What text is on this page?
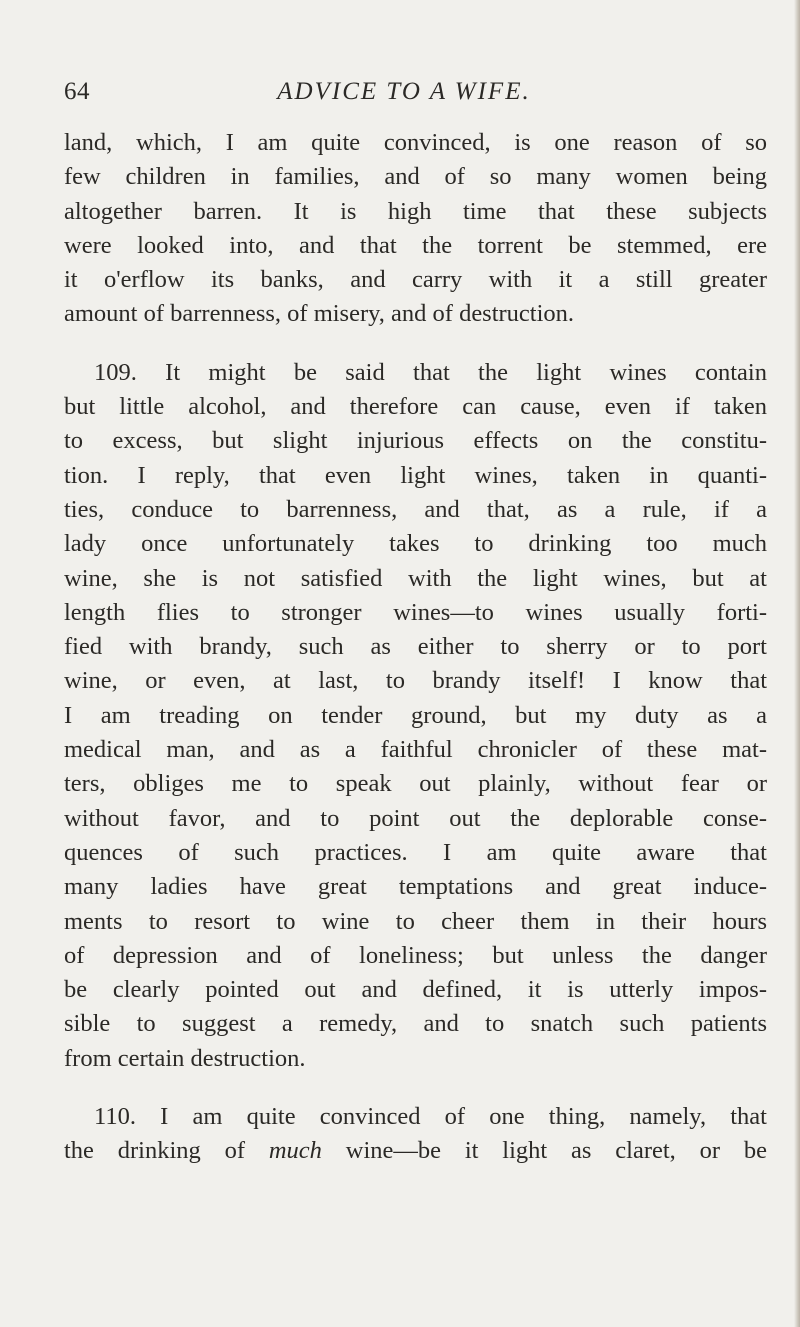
64	ADVICE TO A WIFE.
land, which, I am quite convinced, is one reason of so
few children in families, and of so many women being
altogether barren. It is high time that these subjects
were looked into, and that the torrent be stemmed, ere
it o'erflow its banks, and carry with it a still greater
amount of barrenness, of misery, and of destruction.
109. It might be said that the light wines contain
but little alcohol, and therefore can cause, even if taken
to excess, but slight injurious effects on the constitu-
tion. I reply, that even light wines, taken in quanti-
ties, conduce to barrenness, and that, as a rule, if a
lady once unfortunately takes to drinking too much
wine, she is not satisfied with the light wines, but at
length flies to stronger wines—to wines usually forti-
fied with brandy, such as either to sherry or to port
wine, or even, at last, to brandy itself! I know that
I am treading on tender ground, but my duty as a
medical man, and as a faithful chronicler of these mat-
ters, obliges me to speak out plainly, without fear or
without favor, and to point out the deplorable conse-
quences of such practices. I am quite aware that
many ladies have great temptations and great induce-
ments to resort to wine to cheer them in their hours
of depression and of loneliness; but unless the danger
be clearly pointed out and defined, it is utterly impos-
sible to suggest a remedy, and to snatch such patients
from certain destruction.
110. I am quite convinced of one thing, namely, that
the drinking of much wine—be it light as claret, or be
